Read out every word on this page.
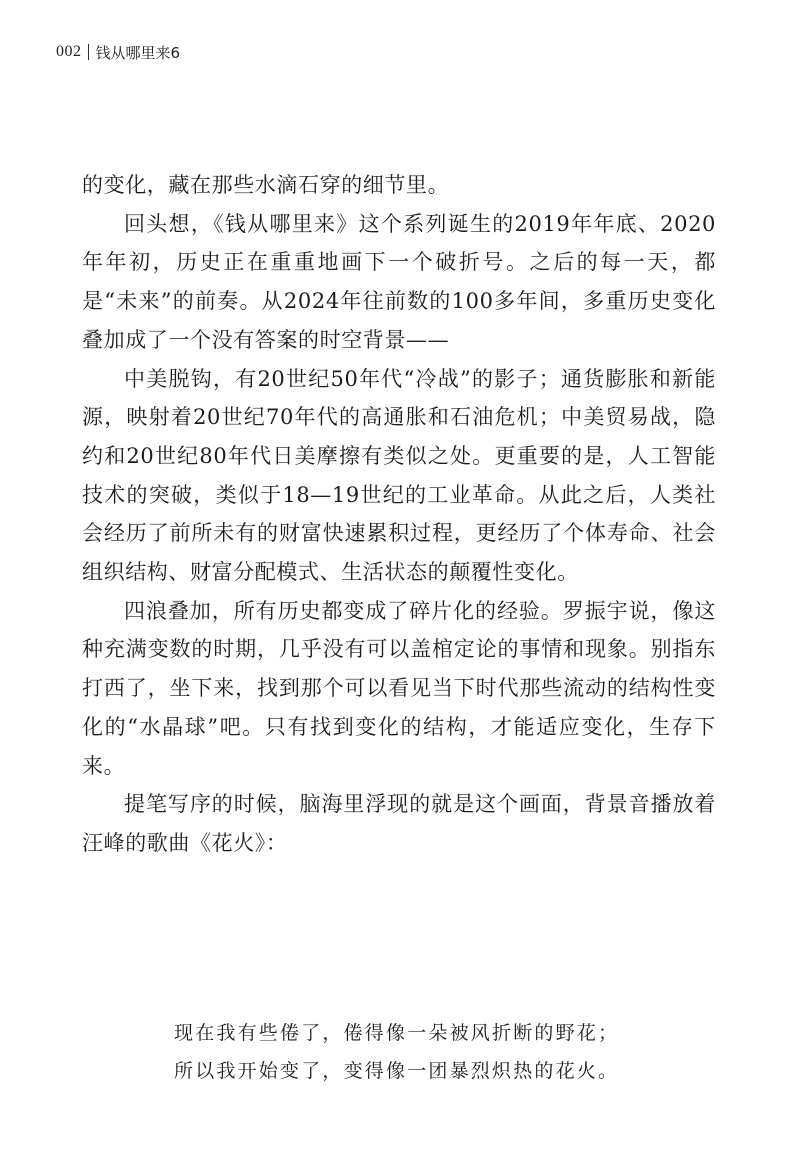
002 钱从哪里来6

的变化，藏在那些水滴石穿的细节里。

回头想，《钱从哪里来》这个系列诞生的2019年年底、2020年年初，历史正在重重地画下一个破折号。之后的每一天，都是“未来”的前奏。从2024年往前数的100多年间，多重历史变化叠加成了一个没有答案的时空背景——

中美脱钩，有20世纪50年代“冷战”的影子；通货膨胀和新能源，映射着20世纪70年代的高通胀和石油危机；中美贸易战，隐约和20世纪80年代日美摩擦有类似之处。更重要的是，人工智能技术的突破，类似于18—19世纪的工业革命。从此之后，人类社会经历了前所未有的财富快速累积过程，更经历了个体寿命、社会组织结构、财富分配模式、生活状态的颠覆性变化。

四浪叠加，所有历史都变成了碎片化的经验。罗振宇说，像这种充满变数的时期，几乎没有可以盖棺定论的事情和现象。别指东打西了，坐下来，找到那个可以看见当下时代那些流动的结构性变化的“水晶球”吧。只有找到变化的结构，才能适应变化，生存下来。

提笔写序的时候，脑海里浮现的就是这个画面，背景音播放着汪峰的歌曲《花火》：

现在我有些倦了，倦得像一朵被风折断的野花；

所以我开始变了，变得像一团暴烈炽热的花火。
